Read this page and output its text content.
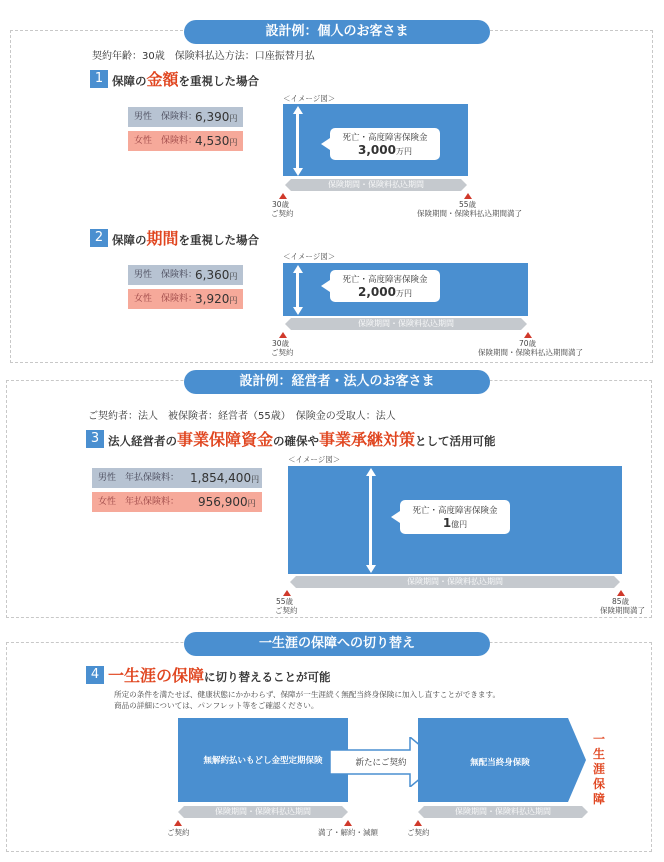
設計例：個人のお客さま
契約年齢：30歳　保険料払込方法：口座振替月払
1 保障の金額を重視した場合
男性　保険料：
6,390円
女性　保険料：
4,530円
＜イメージ図＞
死亡・高度障害保険金
3,000万円
保険期間・保険料払込期間
30歳
ご契約
55歳
保険期間・保険料払込期間満了
2 保障の期間を重視した場合
男性　保険料：
6,360円
女性　保険料：
3,920円
＜イメージ図＞
死亡・高度障害保険金
2,000万円
保険期間・保険料払込期間
30歳
ご契約
70歳
保険期間・保険料払込期間満了
設計例：経営者・法人のお客さま
ご契約者：法人　被保険者：経営者（55歳）　保険金の受取人：法人
3 法人経営者の事業保障資金の確保や事業承継対策として活用可能
男性　年払保険料： 1,854,400円
女性　年払保険料： 956,900円
＜イメージ図＞
死亡・高度障害保険金
1億円
保険期間・保険料払込期間
55歳
ご契約
85歳
保険期間満了
一生涯の保障への切り替え
4 一生涯の保障に切り替えることが可能
所定の条件を満たせば、健康状態にかかわらず、保障が一生涯続く無配当終身保険に加入し直すことができます。
商品の詳細については、パンフレット等をご確認ください。
無解約払いもどし金型定期保険	新たにご契約	無配当終身保険
一生涯保障
保険期間・保険料払込期間	保険期間・保険料払込期間
ご契約	満了・解約・減額	ご契約
